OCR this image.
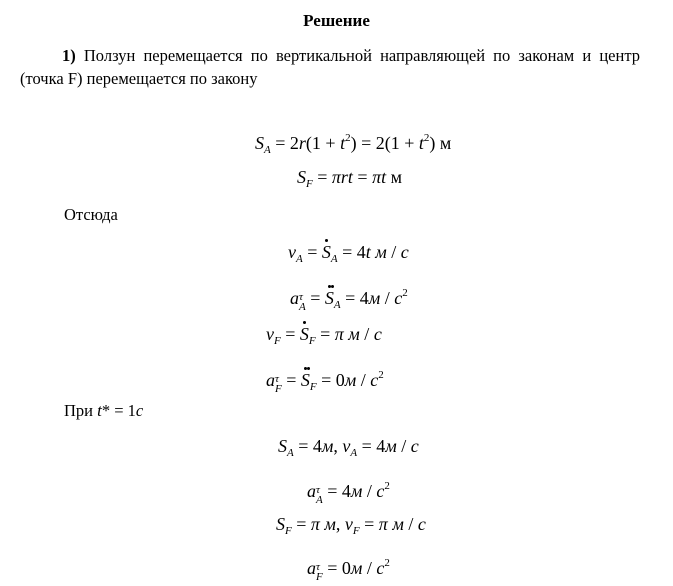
Решение
1) Ползун перемещается по вертикальной направляющей по законам и центр (точка F) перемещается по закону
$S_A = 2r(1 + t^2) = 2(1 + t^2)$ м
$S_F = \pi rt = \pi t$ м
Отсюда
$v_A = S_A = 4t$ м / c
a τ
$A = S_A = 4м / c^2$
$v_F = S_F = \pi$ м / c
a τ
$F = S_F = 0м / c^2$
При t* = 1c
$S_A = 4м$, $v_A = 4м / c$
a τ
$A = 4м / c^2$
$S_F = \pi$ м, $v_F = \pi$ м / c
a τ
$F = 0м / c^2$
